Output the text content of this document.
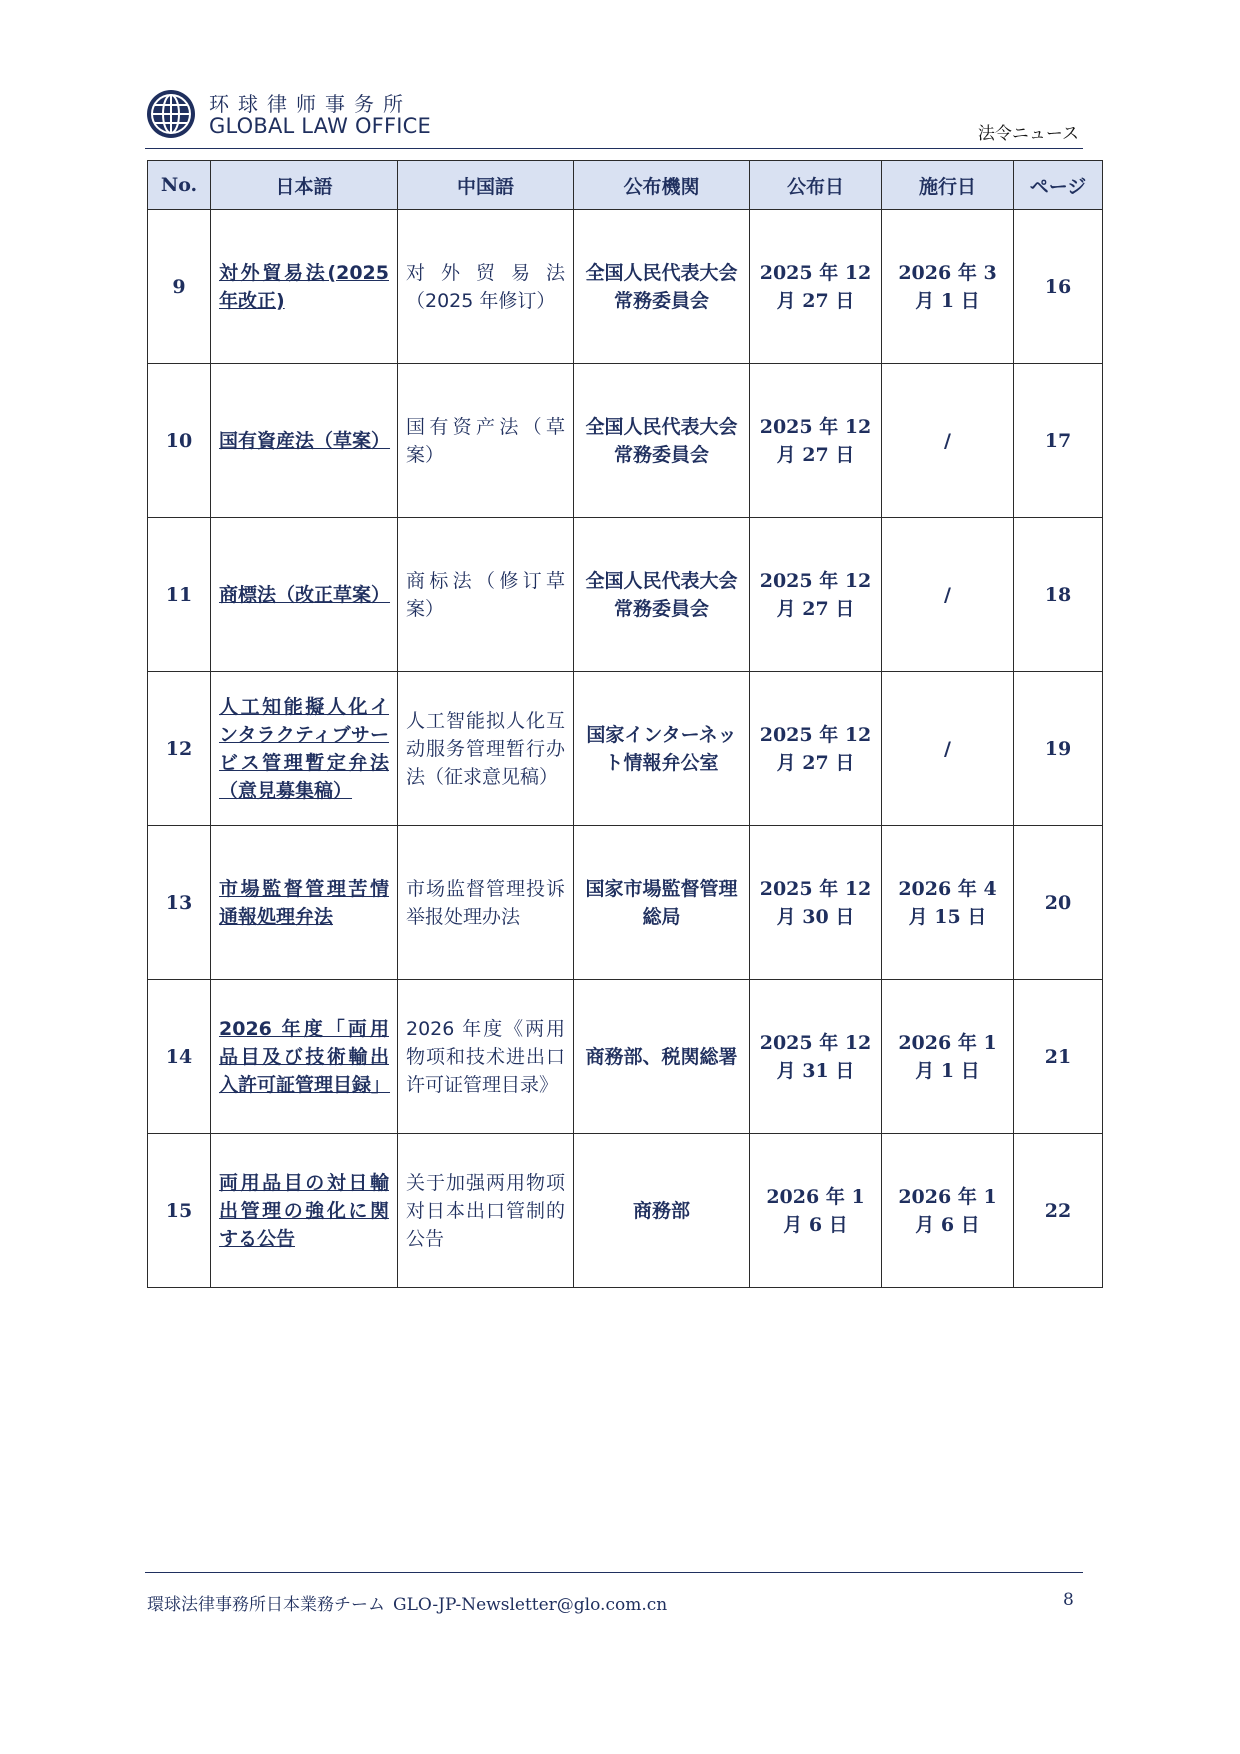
环球律师事务所
GLOBAL LAW OFFICE	法令ニュース
No.	日本語	中国語	公布機関	公布日	施行日	ページ
9	対外貿易法(2025年改正)	对外贸易法（2025 年修订）	全国人民代表大会常務委員会	2025 年 12 月 27 日	2026 年 3 月 1 日	16
10	国有資産法（草案）	国有资产法（草案）	全国人民代表大会常務委員会	2025 年 12 月 27 日	/	17
11	商標法（改正草案）	商标法（修订草案）	全国人民代表大会常務委員会	2025 年 12 月 27 日	/	18
12	人工知能擬人化インタラクティブサービス管理暫定弁法（意見募集稿）	人工智能拟人化互动服务管理暂行办法（征求意见稿）	国家インターネット情報弁公室	2025 年 12 月 27 日	/	19
13	市場監督管理苦情通報処理弁法	市场监督管理投诉举报处理办法	国家市場監督管理総局	2025 年 12 月 30 日	2026 年 4 月 15 日	20
14	2026 年度「両用品目及び技術輸出入許可証管理目録」	2026 年度《两用物项和技术进出口许可证管理目录》	商務部、税関総署	2025 年 12 月 31 日	2026 年 1 月 1 日	21
15	両用品目の対日輸出管理の強化に関する公告	关于加强两用物项对日本出口管制的公告	商務部	2026 年 1 月 6 日	2026 年 1 月 6 日	22
環球法律事務所日本業務チーム GLO-JP-Newsletter@glo.com.cn	8
